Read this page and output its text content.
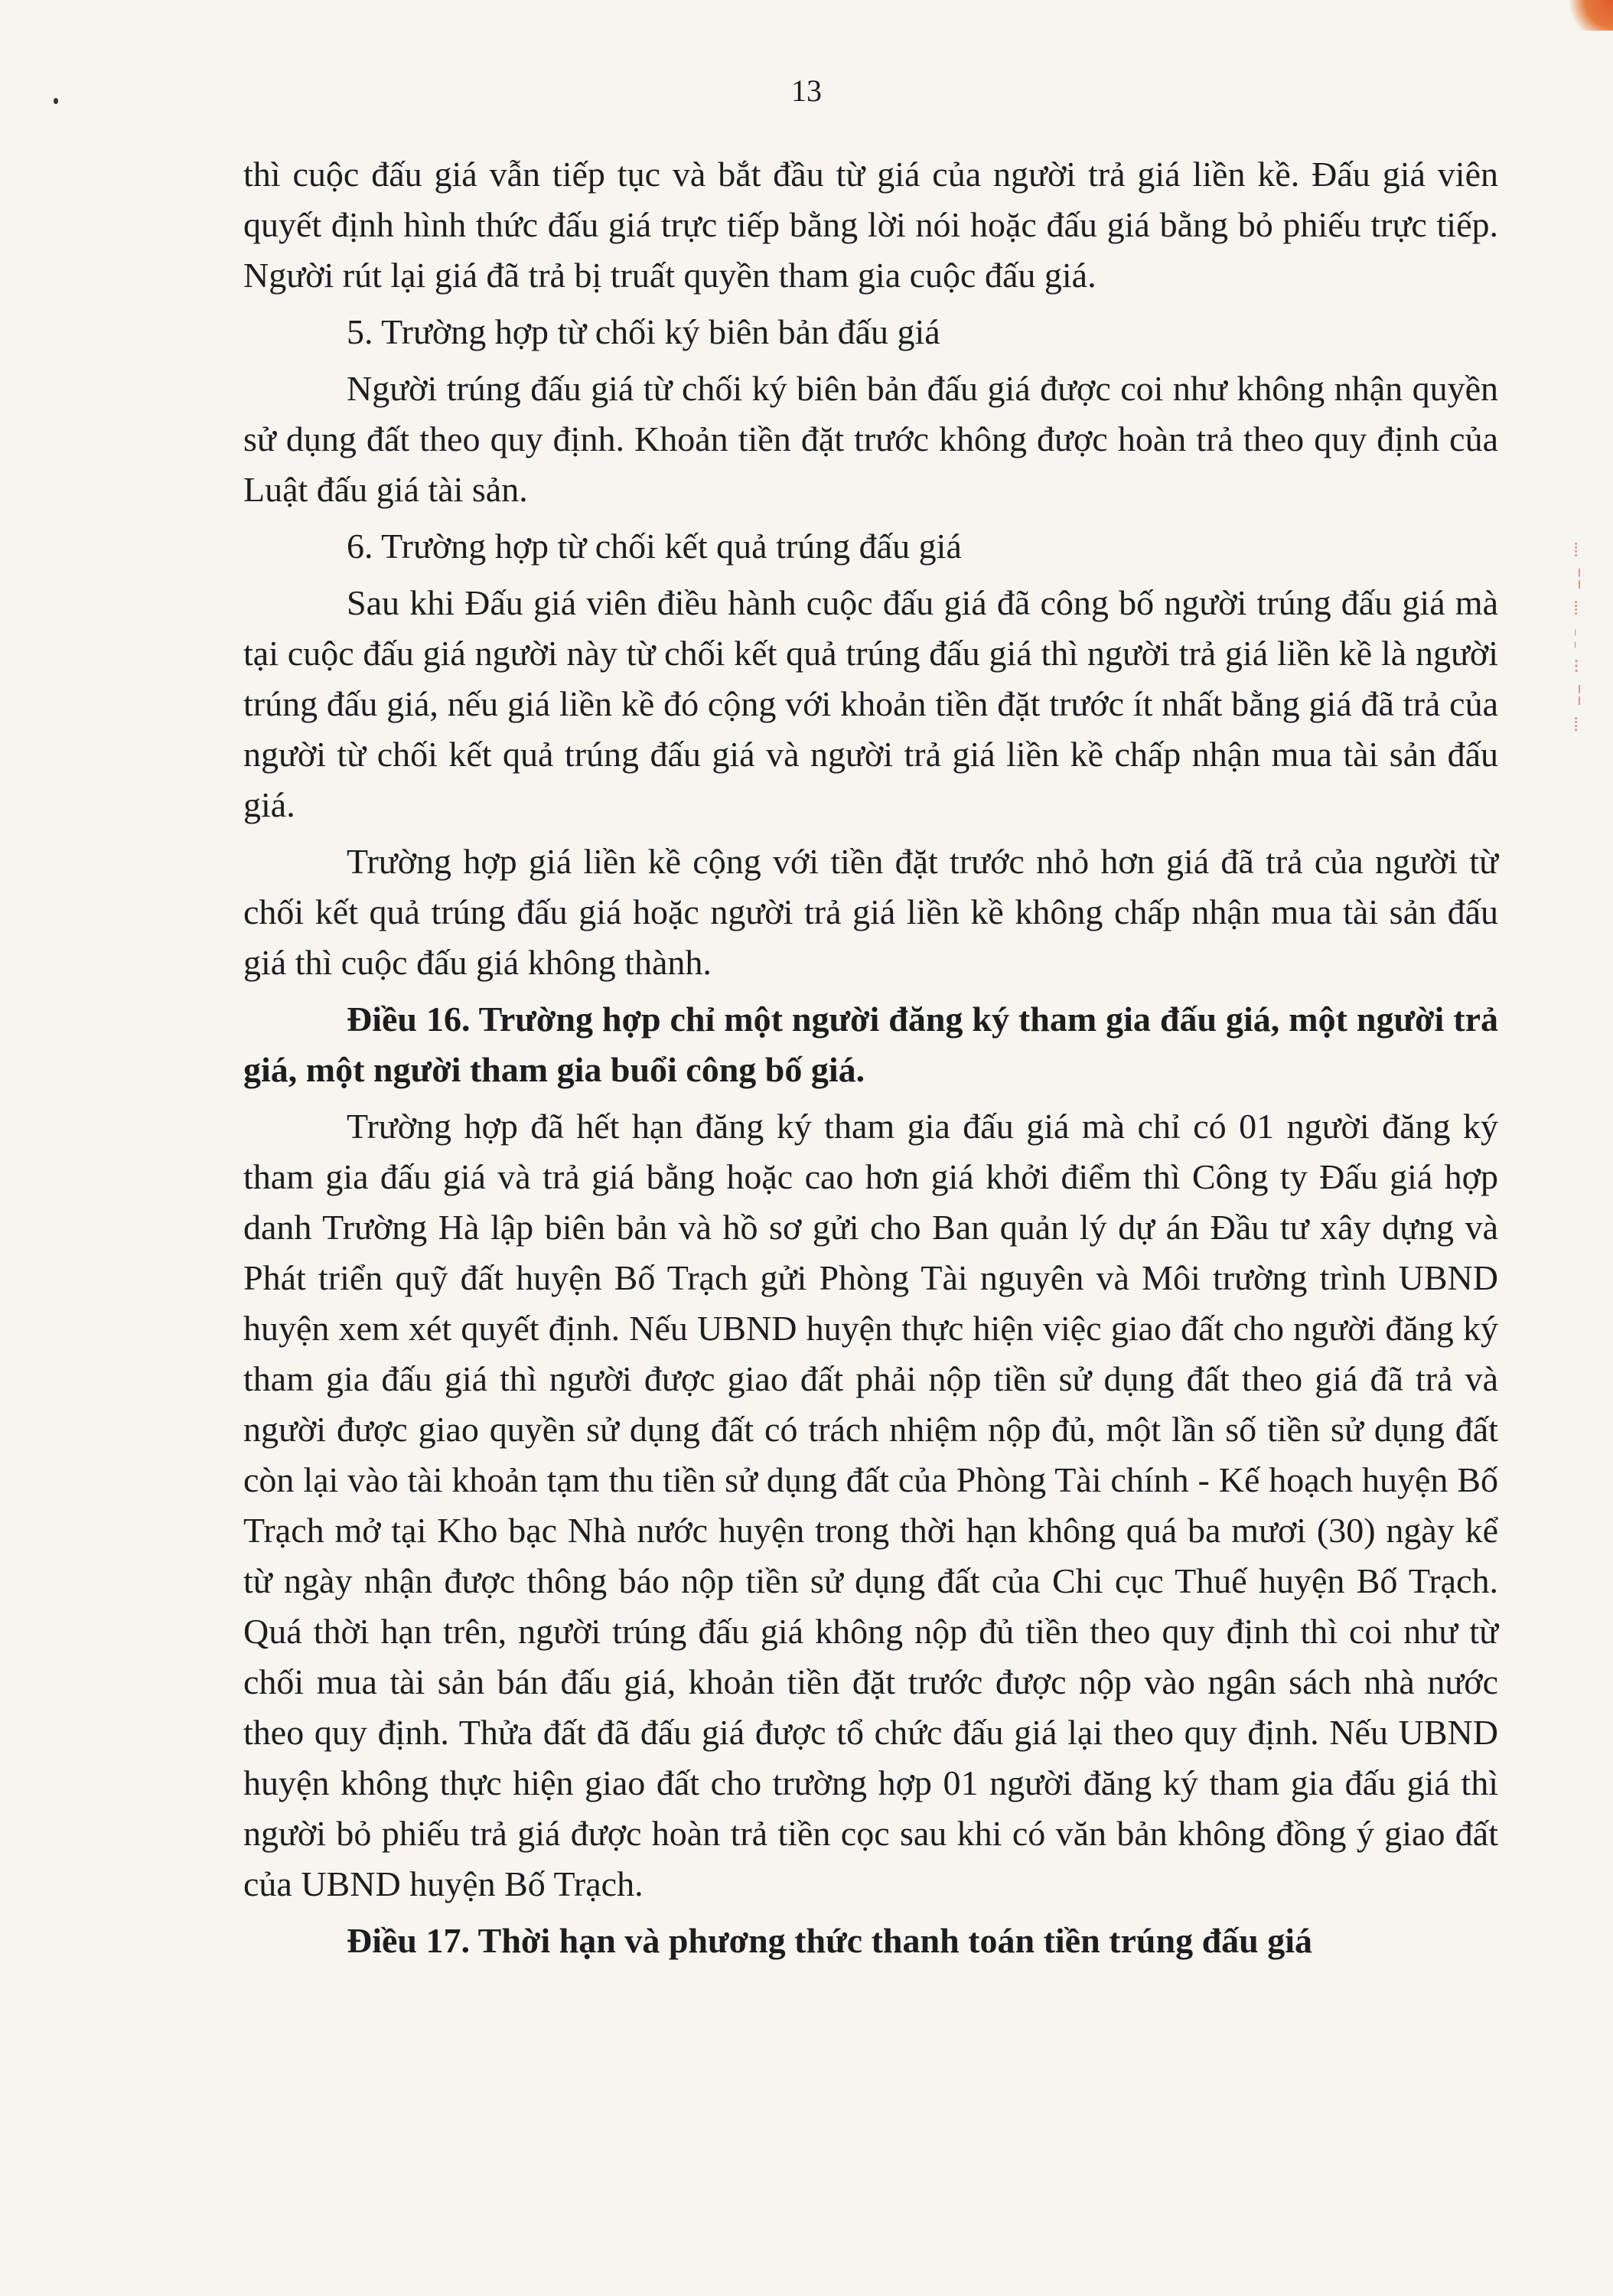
⁞
╎
⁞
¦
⁝
╎
⁞
13

thì cuộc đấu giá vẫn tiếp tục và bắt đầu từ giá của người trả giá liền kề. Đấu giá viên quyết định hình thức đấu giá trực tiếp bằng lời nói hoặc đấu giá bằng bỏ phiếu trực tiếp. Người rút lại giá đã trả bị truất quyền tham gia cuộc đấu giá.

5. Trường hợp từ chối ký biên bản đấu giá

Người trúng đấu giá từ chối ký biên bản đấu giá được coi như không nhận quyền sử dụng đất theo quy định. Khoản tiền đặt trước không được hoàn trả theo quy định của Luật đấu giá tài sản.

6. Trường hợp từ chối kết quả trúng đấu giá

Sau khi Đấu giá viên điều hành cuộc đấu giá đã công bố người trúng đấu giá mà tại cuộc đấu giá người này từ chối kết quả trúng đấu giá thì người trả giá liền kề là người trúng đấu giá, nếu giá liền kề đó cộng với khoản tiền đặt trước ít nhất bằng giá đã trả của người từ chối kết quả trúng đấu giá và người trả giá liền kề chấp nhận mua tài sản đấu giá.

Trường hợp giá liền kề cộng với tiền đặt trước nhỏ hơn giá đã trả của người từ chối kết quả trúng đấu giá hoặc người trả giá liền kề không chấp nhận mua tài sản đấu giá thì cuộc đấu giá không thành.

Điều 16. Trường hợp chỉ một người đăng ký tham gia đấu giá, một người trả giá, một người tham gia buổi công bố giá.

Trường hợp đã hết hạn đăng ký tham gia đấu giá mà chỉ có 01 người đăng ký tham gia đấu giá và trả giá bằng hoặc cao hơn giá khởi điểm thì Công ty Đấu giá hợp danh Trường Hà lập biên bản và hồ sơ gửi cho Ban quản lý dự án Đầu tư xây dựng và Phát triển quỹ đất huyện Bố Trạch gửi Phòng Tài nguyên và Môi trường trình UBND huyện xem xét quyết định. Nếu UBND huyện thực hiện việc giao đất cho người đăng ký tham gia đấu giá thì người được giao đất phải nộp tiền sử dụng đất theo giá đã trả và người được giao quyền sử dụng đất có trách nhiệm nộp đủ, một lần số tiền sử dụng đất còn lại vào tài khoản tạm thu tiền sử dụng đất của Phòng Tài chính - Kế hoạch huyện Bố Trạch mở tại Kho bạc Nhà nước huyện trong thời hạn không quá ba mươi (30) ngày kể từ ngày nhận được thông báo nộp tiền sử dụng đất của Chi cục Thuế huyện Bố Trạch. Quá thời hạn trên, người trúng đấu giá không nộp đủ tiền theo quy định thì coi như từ chối mua tài sản bán đấu giá, khoản tiền đặt trước được nộp vào ngân sách nhà nước theo quy định. Thửa đất đã đấu giá được tổ chức đấu giá lại theo quy định. Nếu UBND huyện không thực hiện giao đất cho trường hợp 01 người đăng ký tham gia đấu giá thì người bỏ phiếu trả giá được hoàn trả tiền cọc sau khi có văn bản không đồng ý giao đất của UBND huyện Bố Trạch.

Điều 17. Thời hạn và phương thức thanh toán tiền trúng đấu giá
